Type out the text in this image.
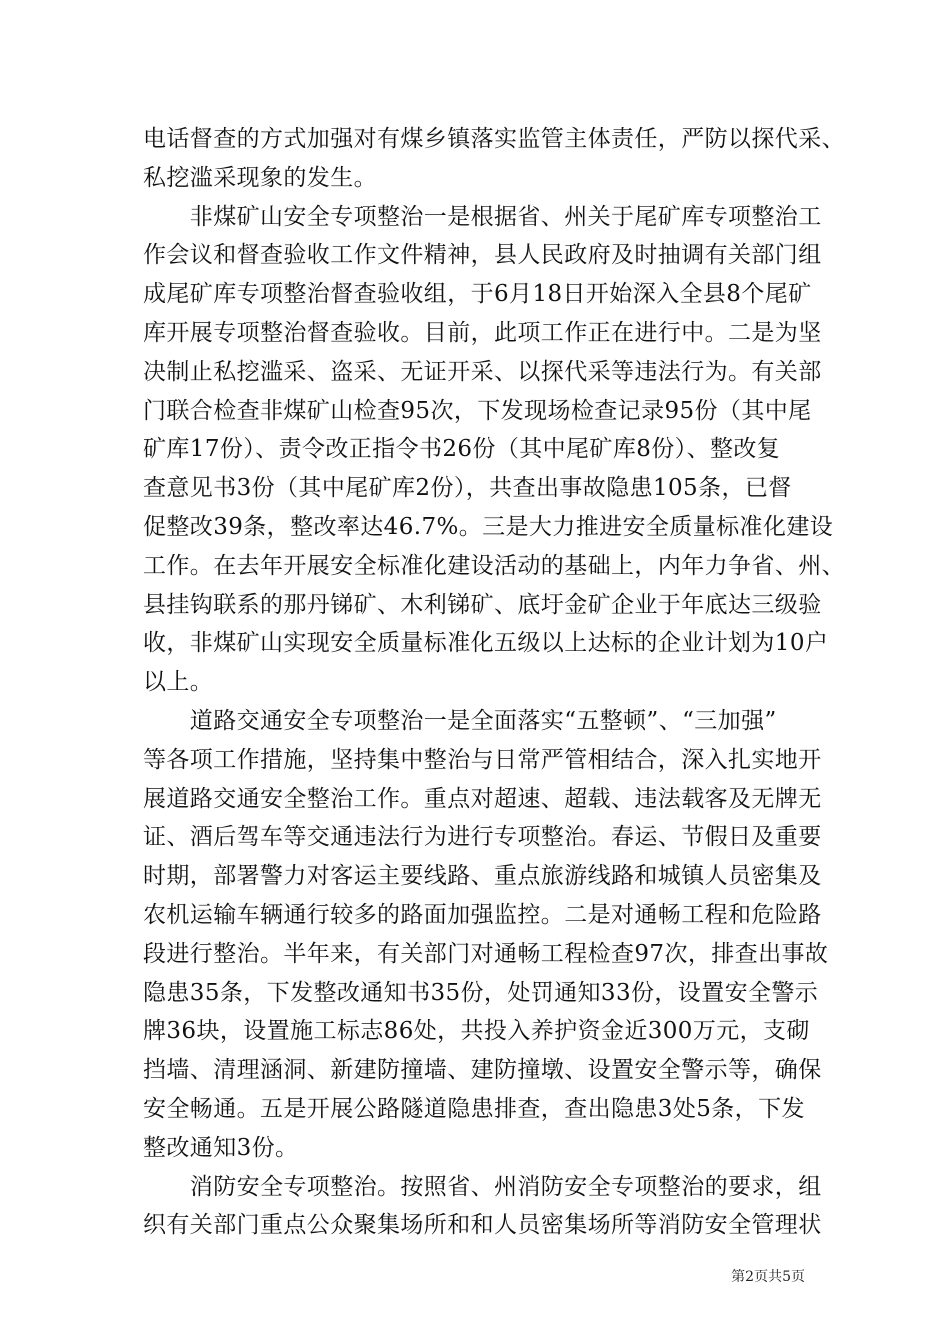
电话督查的方式加强对有煤乡镇落实监管主体责任，严防以探代采、
私挖滥采现象的发生。
　　非煤矿山安全专项整治一是根据省、州关于尾矿库专项整治工
作会议和督查验收工作文件精神，县人民政府及时抽调有关部门组
成尾矿库专项整治督查验收组，于6月18日开始深入全县8个尾矿
库开展专项整治督查验收。目前，此项工作正在进行中。二是为坚
决制止私挖滥采、盗采、无证开采、以探代采等违法行为。有关部
门联合检查非煤矿山检查95次，下发现场检查记录95份（其中尾
矿库17份）、责令改正指令书26份（其中尾矿库8份）、整改复
查意见书3份（其中尾矿库2份），共查出事故隐患105条，已督
促整改39条，整改率达46.7%。三是大力推进安全质量标准化建设
工作。在去年开展安全标准化建设活动的基础上，内年力争省、州、
县挂钩联系的那丹锑矿、木利锑矿、底圩金矿企业于年底达三级验
收，非煤矿山实现安全质量标准化五级以上达标的企业计划为10户
以上。
　　道路交通安全专项整治一是全面落实“五整顿”、“三加强”
等各项工作措施，坚持集中整治与日常严管相结合，深入扎实地开
展道路交通安全整治工作。重点对超速、超载、违法载客及无牌无
证、酒后驾车等交通违法行为进行专项整治。春运、节假日及重要
时期，部署警力对客运主要线路、重点旅游线路和城镇人员密集及
农机运输车辆通行较多的路面加强监控。二是对通畅工程和危险路
段进行整治。半年来，有关部门对通畅工程检查97次，排查出事故
隐患35条，下发整改通知书35份，处罚通知33份，设置安全警示
牌36块，设置施工标志86处，共投入养护资金近300万元，支砌
挡墙、清理涵洞、新建防撞墙、建防撞墩、设置安全警示等，确保
安全畅通。五是开展公路隧道隐患排查，查出隐患3处5条，下发
整改通知3份。
　　消防安全专项整治。按照省、州消防安全专项整治的要求，组
织有关部门重点公众聚集场所和和人员密集场所等消防安全管理状
第2页共5页
